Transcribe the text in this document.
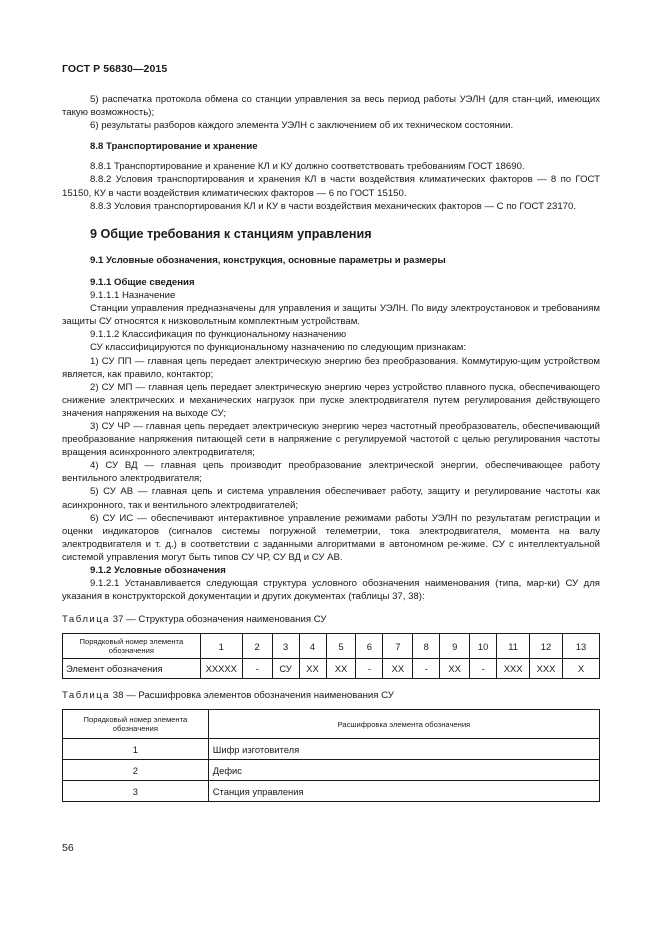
ГОСТ Р 56830—2015

5) распечатка протокола обмена со станции управления за весь период работы УЭЛН (для стан-ций, имеющих такую возможность);

6) результаты разборов каждого элемента УЭЛН с заключением об их техническом состоянии.

8.8 Транспортирование и хранение

8.8.1 Транспортирование и хранение КЛ и КУ должно соответствовать требованиям ГОСТ 18690.

8.8.2 Условия транспортирования и хранения КЛ в части воздействия климатических факторов — 8 по ГОСТ 15150, КУ в части воздействия климатических факторов — 6 по ГОСТ 15150.

8.8.3 Условия транспортирования КЛ и КУ в части воздействия механических факторов — С по ГОСТ 23170.

9 Общие требования к станциям управления

9.1 Условные обозначения, конструкция, основные параметры и размеры

9.1.1 Общие сведения

9.1.1.1 Назначение

Станции управления предназначены для управления и защиты УЭЛН. По виду электроустановок и требованиям защиты СУ относятся к низковольтным комплектным устройствам.

9.1.1.2 Классификация по функциональному назначению

СУ классифицируются по функциональному назначению по следующим признакам:

1) СУ ПП — главная цепь передает электрическую энергию без преобразования. Коммутирую-щим устройством является, как правило, контактор;

2) СУ МП — главная цепь передает электрическую энергию через устройство плавного пуска, обеспечивающего снижение электрических и механических нагрузок при пуске электродвигателя путем регулирования действующего значения напряжения на выходе СУ;

3) СУ ЧР — главная цепь передает электрическую энергию через частотный преобразователь, обеспечивающий преобразование напряжения питающей сети в напряжение с регулируемой частотой с целью регулирования частоты вращения асинхронного электродвигателя;

4) СУ ВД — главная цепь производит преобразование электрической энергии, обеспечивающее работу вентильного электродвигателя;

5) СУ АВ — главная цепь и система управления обеспечивает работу, защиту и регулирование частоты как асинхронного, так и вентильного электродвигателей;

6) СУ ИС — обеспечивают интерактивное управление режимами работы УЭЛН по результатам регистрации и оценки индикаторов (сигналов системы погружной телеметрии, тока электродвигателя, момента на валу электродвигателя и т. д.) в соответствии с заданными алгоритмами в автономном ре-жиме. СУ с интеллектуальной системой управления могут быть типов СУ ЧР, СУ ВД и СУ АВ.

9.1.2 Условные обозначения

9.1.2.1 Устанавливается следующая структура условного обозначения наименования (типа, мар-ки) СУ для указания в конструкторской документации и других документах (таблицы 37, 38):

Таблица 37 — Структура обозначения наименования СУ

Порядковый номер элемента обозначения	1	2	3	4	5	6	7	8	9	10	11	12	13
Элемент обозначения	XXXXX	-	СУ	XX	XX	-	XX	-	XX	-	XXX	XXX	X

Таблица 38 — Расшифровка элементов обозначения наименования СУ

Порядковый номер элемента обозначения	Расшифровка элемента обозначения
1	Шифр изготовителя
2	Дефис
3	Станция управления
56
